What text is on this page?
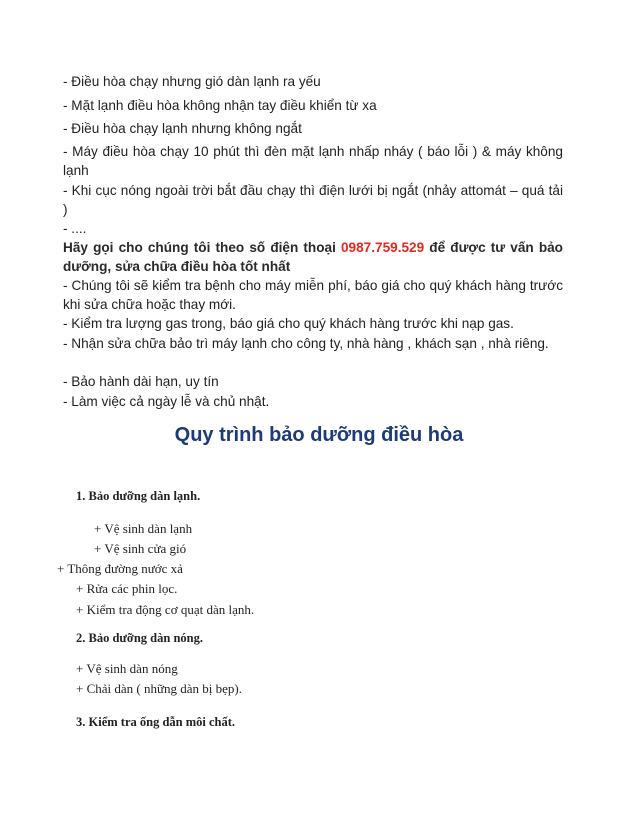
- Điều hòa chạy nhưng gió dàn lạnh ra yếu
- Mặt lạnh điều hòa không nhận tay điều khiển từ xa
- Điều hòa chạy lạnh nhưng không ngắt
- Máy điều hòa chạy 10 phút thì đèn mặt lạnh nhấp nháy ( báo lỗi ) & máy không lạnh
- Khi cục nóng ngoài trời bắt đầu chạy thì điện lưới bị ngắt (nhảy attomát – quá tải )
- ....
Hãy gọi cho chúng tôi theo số điện thoại 0987.759.529 để được tư vấn bảo dưỡng, sửa chữa điều hòa tốt nhất
- Chúng tôi sẽ kiểm tra bệnh cho máy miễn phí, báo giá cho quý khách hàng trước khi sửa chữa hoặc thay mới.
- Kiểm tra lượng gas trong, báo giá cho quý khách hàng trước khi nạp gas.
- Nhận sửa chữa bảo trì máy lạnh cho công ty, nhà hàng , khách sạn , nhà riêng.
- Bảo hành dài hạn, uy tín
- Làm việc cả ngày lễ và chủ nhật.
Quy trình bảo dưỡng điều hòa
1. Bảo dưỡng dàn lạnh.
+ Vệ sinh dàn lạnh
+ Vệ sinh cửa gió
+ Thông đường nước xả
+ Rửa các phin lọc.
+ Kiểm tra động cơ quạt dàn lạnh.
2. Bảo dưỡng dàn nóng.
+ Vệ sinh dàn nóng
+ Chải dàn ( những dàn bị bẹp).
3. Kiểm tra ống dẫn môi chất.
